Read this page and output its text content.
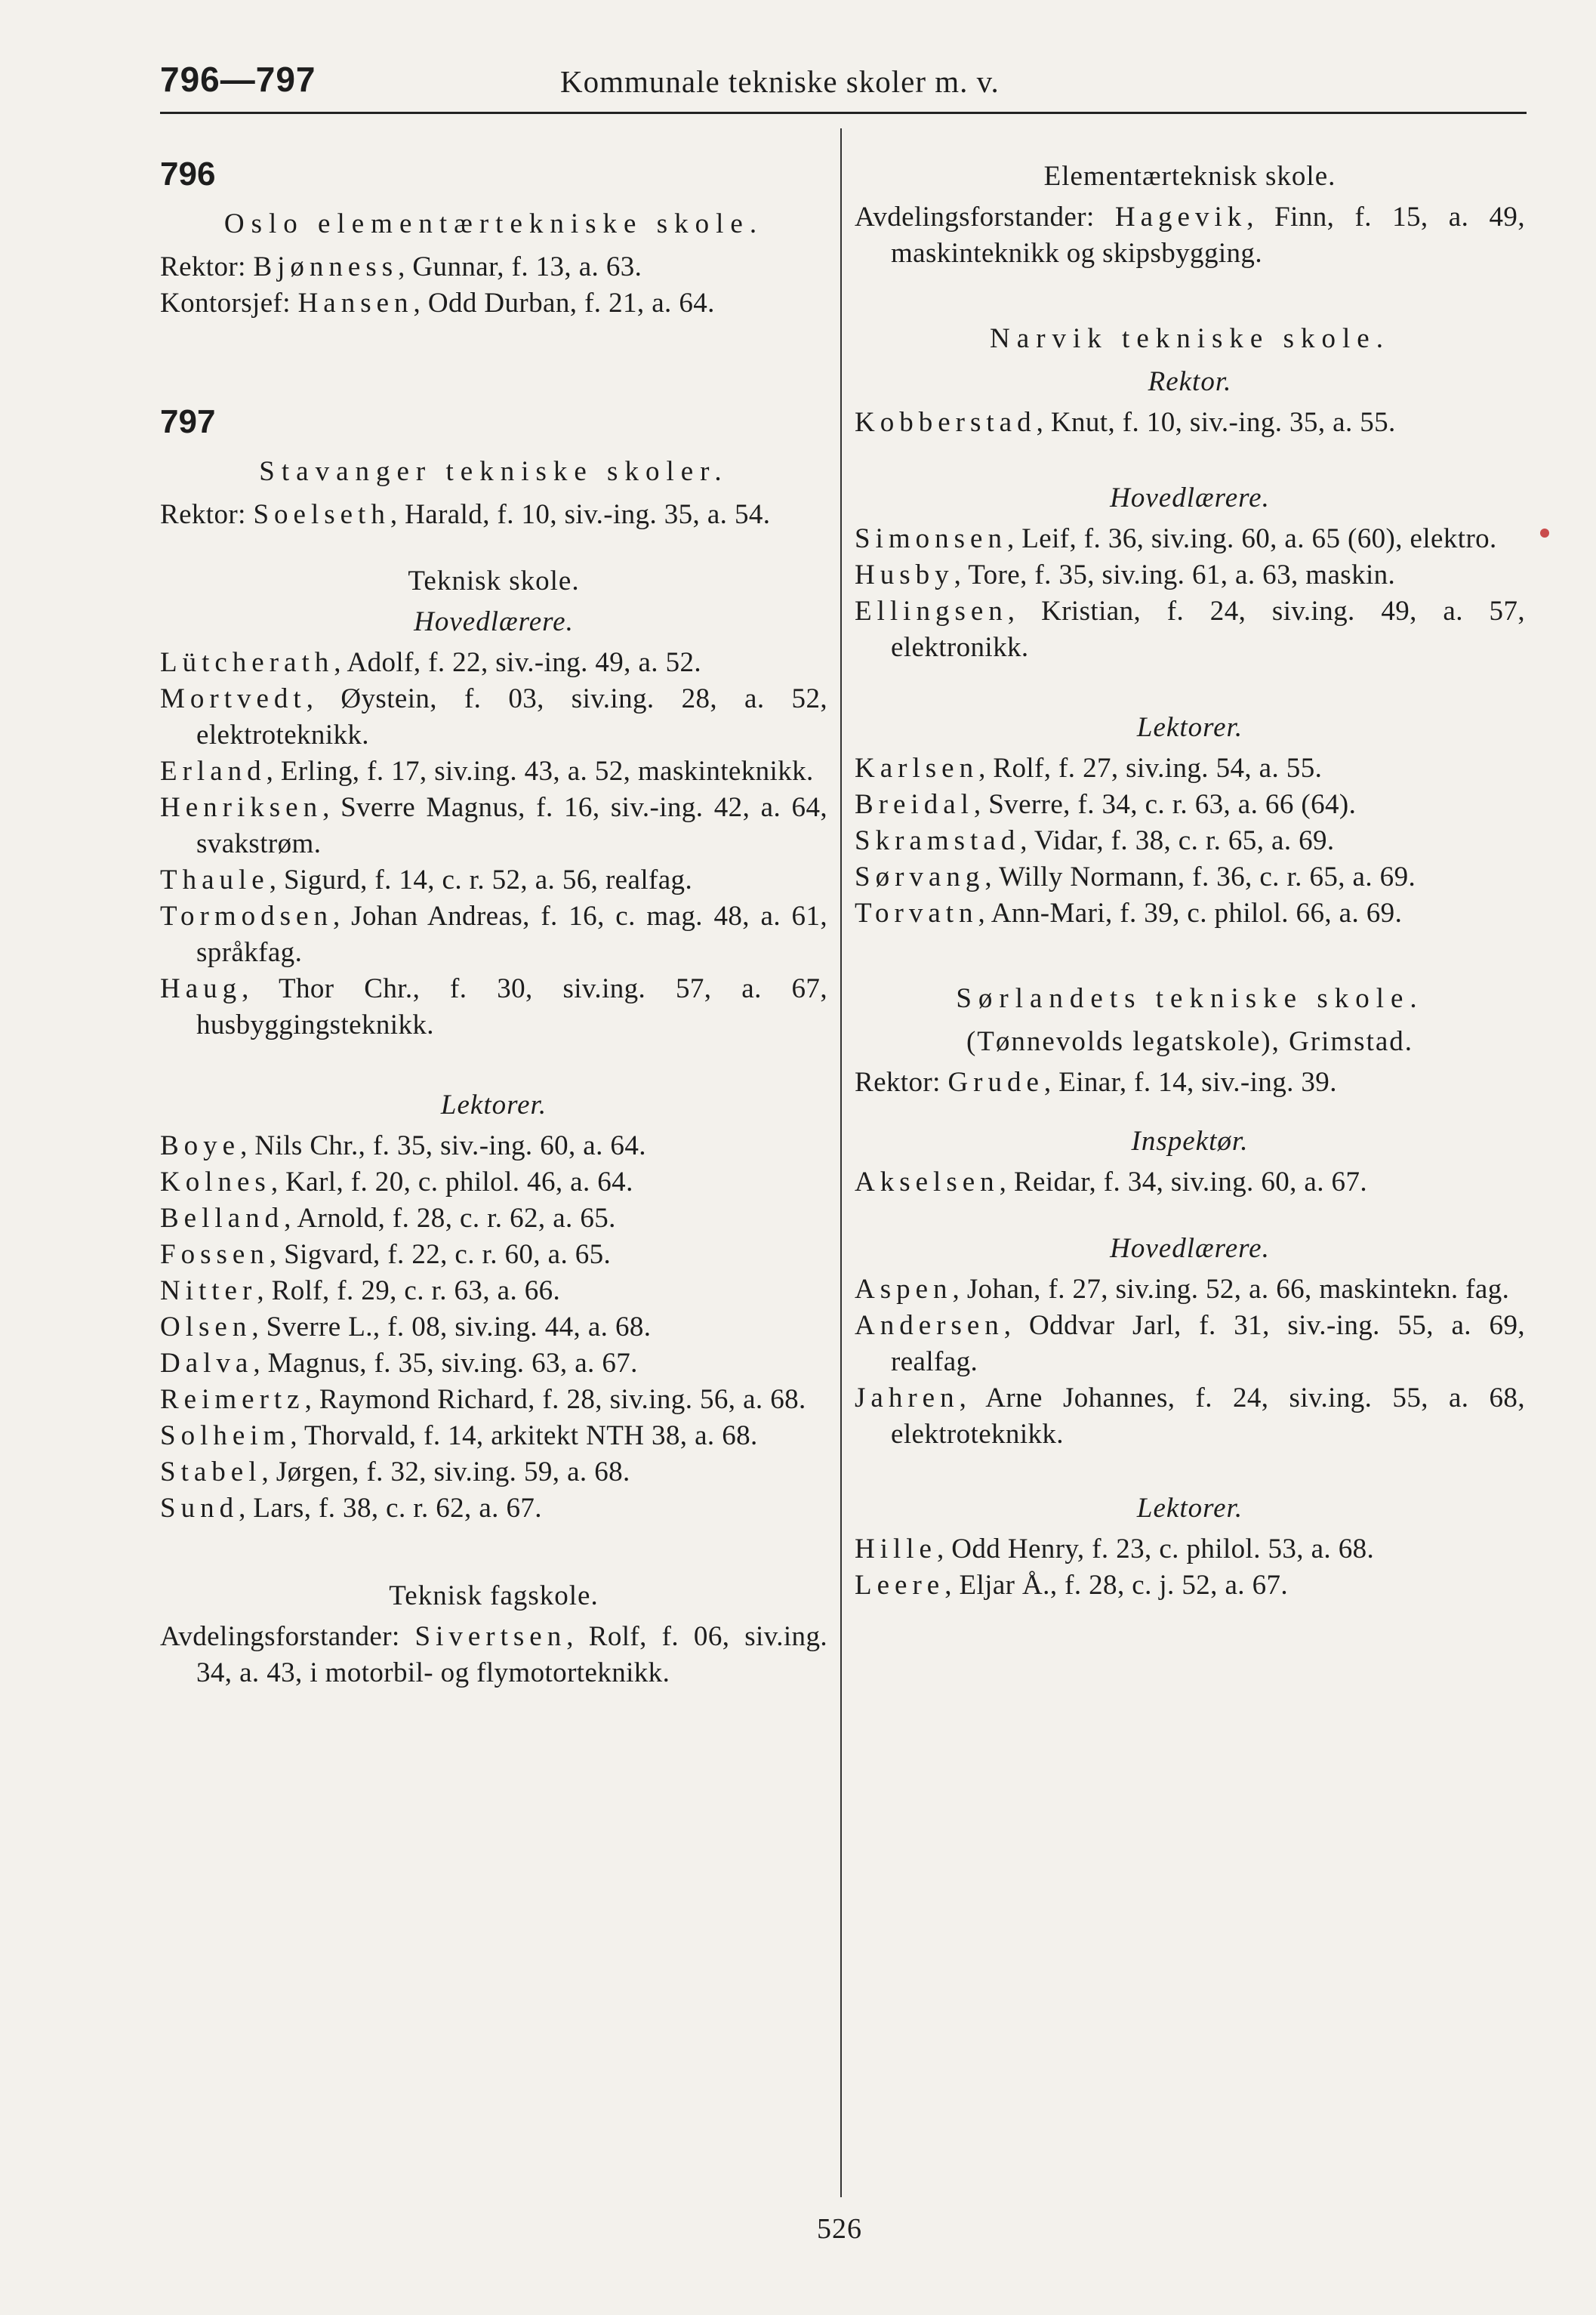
796—797	Kommunale tekniske skoler m. v.
796
Oslo elementærtekniske skole.
Rektor: Bjønness, Gunnar, f. 13, a. 63.
Kontorsjef: Hansen, Odd Durban, f. 21, a. 64.
797
Stavanger tekniske skoler.
Rektor: Soelseth, Harald, f. 10, siv.-ing. 35, a. 54.
Teknisk skole.
Hovedlærere.
Lütcherath, Adolf, f. 22, siv.-ing. 49, a. 52.
Mortvedt, Øystein, f. 03, siv.ing. 28, a. 52, elektroteknikk.
Erland, Erling, f. 17, siv.ing. 43, a. 52, maskinteknikk.
Henriksen, Sverre Magnus, f. 16, siv.-ing. 42, a. 64, svakstrøm.
Thaule, Sigurd, f. 14, c. r. 52, a. 56, realfag.
Tormodsen, Johan Andreas, f. 16, c. mag. 48, a. 61, språkfag.
Haug, Thor Chr., f. 30, siv.ing. 57, a. 67, husbyggingsteknikk.
Lektorer.
Boye, Nils Chr., f. 35, siv.-ing. 60, a. 64.
Kolnes, Karl, f. 20, c. philol. 46, a. 64.
Belland, Arnold, f. 28, c. r. 62, a. 65.
Fossen, Sigvard, f. 22, c. r. 60, a. 65.
Nitter, Rolf, f. 29, c. r. 63, a. 66.
Olsen, Sverre L., f. 08, siv.ing. 44, a. 68.
Dalva, Magnus, f. 35, siv.ing. 63, a. 67.
Reimertz, Raymond Richard, f. 28, siv.ing. 56, a. 68.
Solheim, Thorvald, f. 14, arkitekt NTH 38, a. 68.
Stabel, Jørgen, f. 32, siv.ing. 59, a. 68.
Sund, Lars, f. 38, c. r. 62, a. 67.
Teknisk fagskole.
Avdelingsforstander: Sivertsen, Rolf, f. 06, siv.ing. 34, a. 43, i motorbil- og flymotorteknikk.
Elementærteknisk skole.
Avdelingsforstander: Hagevik, Finn, f. 15, a. 49, maskinteknikk og skipsbygging.
Narvik tekniske skole.
Rektor.
Kobberstad, Knut, f. 10, siv.-ing. 35, a. 55.
Hovedlærere.
Simonsen, Leif, f. 36, siv.ing. 60, a. 65 (60), elektro.
Husby, Tore, f. 35, siv.ing. 61, a. 63, maskin.
Ellingsen, Kristian, f. 24, siv.ing. 49, a. 57, elektronikk.
Lektorer.
Karlsen, Rolf, f. 27, siv.ing. 54, a. 55.
Breidal, Sverre, f. 34, c. r. 63, a. 66 (64).
Skramstad, Vidar, f. 38, c. r. 65, a. 69.
Sørvang, Willy Normann, f. 36, c. r. 65, a. 69.
Torvatn, Ann-Mari, f. 39, c. philol. 66, a. 69.
Sørlandets tekniske skole.
(Tønnevolds legatskole), Grimstad.
Rektor: Grude, Einar, f. 14, siv.-ing. 39.
Inspektør.
Akselsen, Reidar, f. 34, siv.ing. 60, a. 67.
Hovedlærere.
Aspen, Johan, f. 27, siv.ing. 52, a. 66, maskintekn. fag.
Andersen, Oddvar Jarl, f. 31, siv.-ing. 55, a. 69, realfag.
Jahren, Arne Johannes, f. 24, siv.ing. 55, a. 68, elektroteknikk.
Lektorer.
Hille, Odd Henry, f. 23, c. philol. 53, a. 68.
Leere, Eljar Å., f. 28, c. j. 52, a. 67.
526
